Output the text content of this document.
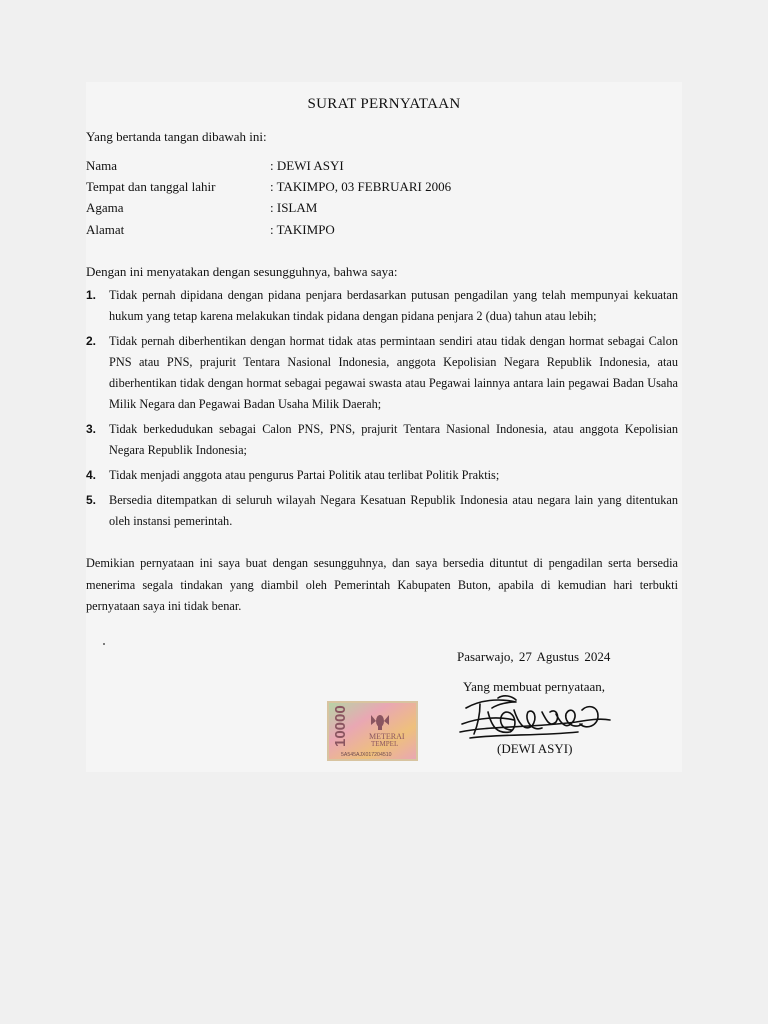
SURAT PERNYATAAN
Yang bertanda tangan dibawah ini:
Nama	: DEWI ASYI
Tempat dan tanggal lahir	: TAKIMPO, 03 FEBRUARI 2006
Agama	: ISLAM
Alamat	: TAKIMPO
Dengan ini menyatakan dengan sesungguhnya, bahwa saya:
1. Tidak pernah dipidana dengan pidana penjara berdasarkan putusan pengadilan yang telah mempunyai kekuatan hukum yang tetap karena melakukan tindak pidana dengan pidana penjara 2 (dua) tahun atau lebih;
2. Tidak pernah diberhentikan dengan hormat tidak atas permintaan sendiri atau tidak dengan hormat sebagai Calon PNS atau PNS, prajurit Tentara Nasional Indonesia, anggota Kepolisian Negara Republik Indonesia, atau diberhentikan tidak dengan hormat sebagai pegawai swasta atau Pegawai lainnya antara lain pegawai Badan Usaha Milik Negara dan Pegawai Badan Usaha Milik Daerah;
3. Tidak berkedudukan sebagai Calon PNS, PNS, prajurit Tentara Nasional Indonesia, atau anggota Kepolisian Negara Republik Indonesia;
4. Tidak menjadi anggota atau pengurus Partai Politik atau terlibat Politik Praktis;
5. Bersedia ditempatkan di seluruh wilayah Negara Kesatuan Republik Indonesia atau negara lain yang ditentukan oleh instansi pemerintah.
Demikian pernyataan ini saya buat dengan sesungguhnya, dan saya bersedia dituntut di pengadilan serta bersedia menerima segala tindakan yang diambil oleh Pemerintah Kabupaten Buton, apabila di kemudian hari terbukti pernyataan saya ini tidak benar.
Pasarwajo, 27 Agustus 2024
Yang membuat pernyataan,
10000	METERAI
TEMPEL
5A545AJX017204510	(DEWI ASYI)
